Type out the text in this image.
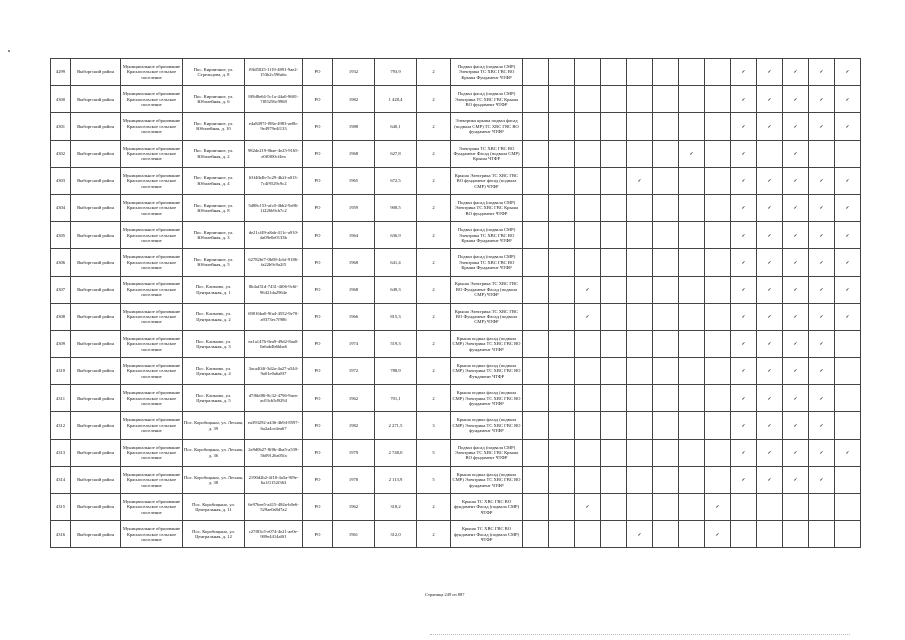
4299	Выборгский район	Муниципальное образование Красносельское сельское поселение	Пос. Кирпичное, ул. Стрельцова, д. 8	f9fd5025-1f19-4891-9ae2-153b2c596abc	РО	1932	793,9	2	Подвал фасад (подвала СМР) Электрика ТС ХВС ГВС ВО Крыша Фундамент ЧТФР									✓	✓	✓	✓	✓
4300	Выборгский район	Муниципальное образование Красносельское сельское поселение	Пос. Кирпичное, ул. Юбилейная, д. 6	8f9d8e64-5c1a-44a0-9681-7f05256c9968	РО	1982	1 428,4	2	Подвал фасад (подвала СМР) Электрика ТС ХВС ГВС Крыша ВО фундамент ЧТФР									✓	✓	✓	✓	✓
4301	Выборгский район	Муниципальное образование Красносельское сельское поселение	Пос. Кирпичное, ул. Юбилейная, д. 10	e4a8497f-f98a-4983-ae0b-9e4979e4f133	РО	1988	640,1	2	Электрика крыша подвал фасад (подвала СМР) ТС ХВС ГВС ВО фундамент ЧТФР									✓	✓	✓	✓	✓
4302	Выборгский район	Муниципальное образование Красносельское сельское поселение	Пос. Кирпичное, ул. Юбилейная, д. 2	982de219-0bae-4e25-9165-e0f0f00cf4ea	РО	1968	627,8	2	Электрика ТС ХВС ГВС ВО Фундамент Фасад (подвала СМР) Крыша ЧТФР							✓		✓		✓		
4303	Выборгский район	Муниципальное образование Красносельское сельское поселение	Пос. Кирпичное, ул. Юбилейная, д. 4	63f4fb4b-5c29-4b2f-a013-7c4f9529c9c2	РО	1965	672,5	2	Крыша Электрика ТС ХВС ГВС ВО фундамент фасад (подвала СМР) ЧТФР					✓				✓	✓	✓	✓	✓
4304	Выборгский район	Муниципальное образование Красносельское сельское поселение	Пос. Кирпичное, ул. Юбилейная, д. 8	5d88c153-afc0-4bb2-9a96-1f226b9cb7c2	РО	1959	908,5	2	Подвал фасад (подвала СМР) Электрика ТС ХВС ГВС Крыша ВО фундамент ЧТФР									✓	✓	✓	✓	✓
4305	Выборгский район	Муниципальное образование Красносельское сельское поселение	Пос. Кирпичное, ул. Юбилейная, д. 3	de21cf49-a8ab-411c-a910-da09e0e0133b	РО	1964	636,9	2	Подвал фасад (подвала СМР) Электрика ТС ХВС ГВС ВО Крыша Фундамент ЧТФР									✓	✓	✓	✓	✓
4306	Выборгский район	Муниципальное образование Красносельское сельское поселение	Пос. Кирпичное, ул. Юбилейная, д. 5	62782bf7-0b08-4cbf-9186-fa22b9c9a2f5	РО	1968	641,4	2	Подвал фасад (подвала СМР) Электрика ТС ХВС ГВС ВО Крыша Фундамент ЧТФР									✓	✓	✓	✓	✓
4307	Выборгский район	Муниципальное образование Красносельское сельское поселение	Пос. Климово, ул. Центральная, д. 1	8b4af31d-7431-4f06-9c6f-96421da2964e	РО	1968	649,3	2	Крыша Электрика ТС ХВС ГВС ВО Фундамент Фасад (подвала СМР) ЧТФР			✓						✓	✓	✓	✓	✓
4308	Выборгский район	Муниципальное образование Красносельское сельское поселение	Пос. Климово, ул. Центральная, д. 2	69016ba0-9fa4-4552-9e70-a9373ec7f986	РО	1966	815,3	2	Крыша Электрика ТС ХВС ГВС ВО Фундамент Фасад (подвала СМР) ЧТФР			✓						✓	✓	✓	✓	✓
4309	Выборгский район	Муниципальное образование Красносельское сельское поселение	Пос. Климово, ул. Центральная, д. 3	ea1a1476-0ea9-49d2-8aa0-0a6ab4b6bba6	РО	1974	519,3	2	Крыша подвал фасад (подвала СМР) Электрика ТС ХВС ГВС ВО фундамент ЧТФР									✓	✓	✓	✓	
4310	Выборгский район	Муниципальное образование Красносельское сельское поселение	Пос. Климово, ул. Центральная, д. 4	3aca404f-3d2a-4a27-a544-9a01e0a6a8f7	РО	1972	788,9	2	Крыша подвал фасад (подвала СМР) Электрика ТС ХВС ГВС ВО Фундамент ЧТФР									✓	✓	✓	✓	
4311	Выборгский район	Муниципальное образование Красносельское сельское поселение	Пос. Климово, ул. Центральная, д. 5	d7f6b08f-8c32-4796-9aea-ac03cb5d9294	РО	1962	701,1	2	Крыша подвал фасад (подвала СМР) Электрика ТС ХВС ГВС ВО фундамент ЧТФР									✓	✓	✓	✓	
4312	Выборгский район	Муниципальное образование Красносельское сельское поселение	Пос. Коробицыно, ул. Лесная, д. 39	ea393292-a436-4b94-8597-6a2a4ce4ea67	РО	1982	2 271,5	3	Крыша подвал фасад (подвала СМР) Электрика ТС ХВС ГВС ВО фундамент ЧТФР									✓	✓	✓	✓	
4313	Выборгский район	Муниципальное образование Красносельское сельское поселение	Пос. Коробицыно, ул. Лесная, д. 36	2a9d0b27-8f0b-4ba5-a539-5b09126a05fa	РО	1979	2 748,0	5	Подвал фасад (подвала СМР) Электрика ТС ХВС ГВС Крыша ВО фундамент ЧТФР									✓	✓	✓	✓	✓
4314	Выборгский район	Муниципальное образование Красносельское сельское поселение	Пос. Коробицыно, ул. Лесная, д. 38	2190d2b2-4f18-4a5a-9f9e-6a1f1152f363	РО	1978	2 113,9	5	Крыша подвал фасад (подвала СМР) Электрика ТС ХВС ГВС ВО фундамент ЧТФР									✓	✓	✓	✓	
4315	Выборгский район	Муниципальное образование Красносельское сельское поселение	Пос. Коробицыно, ул. Центральная, д. 11	6e97bee5-a415-484a-b0e6-529ae0a8d7a2	РО	1962	318,2	2	Крыша ТС ХВС ГВС ВО фундамент Фасад (подвала СМР) ЧТФР			✓					✓					
4316	Выборгский район	Муниципальное образование Красносельское сельское поселение	Пос. Коробицыно, ул. Центральная, д. 12	c27f83c5-e074-4e21-ae0e-909e4414a8f1	РО	1961	312,0	2	Крыша ТС ХВС ГВС ВО фундамент Фасад (подвала СМР) ЧТФР					✓			✓					
Страница 249 из 887
